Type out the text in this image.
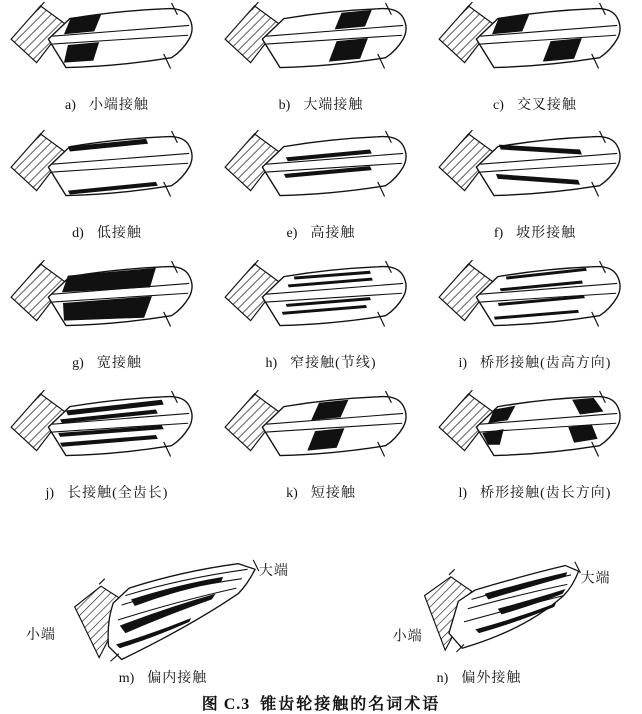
a) 小端接触	b) 大端接触	c) 交叉接触
d) 低接触	e) 高接触	f) 坡形接触
g) 宽接触	h) 窄接触(节线)	i) 桥形接触(齿高方向)
j) 长接触(全齿长)	k) 短接触	l) 桥形接触(齿长方向)
小端
大端
m) 偏内接触
小端
大端
n) 偏外接触
图 C.3 锥齿轮接触的名词术语
